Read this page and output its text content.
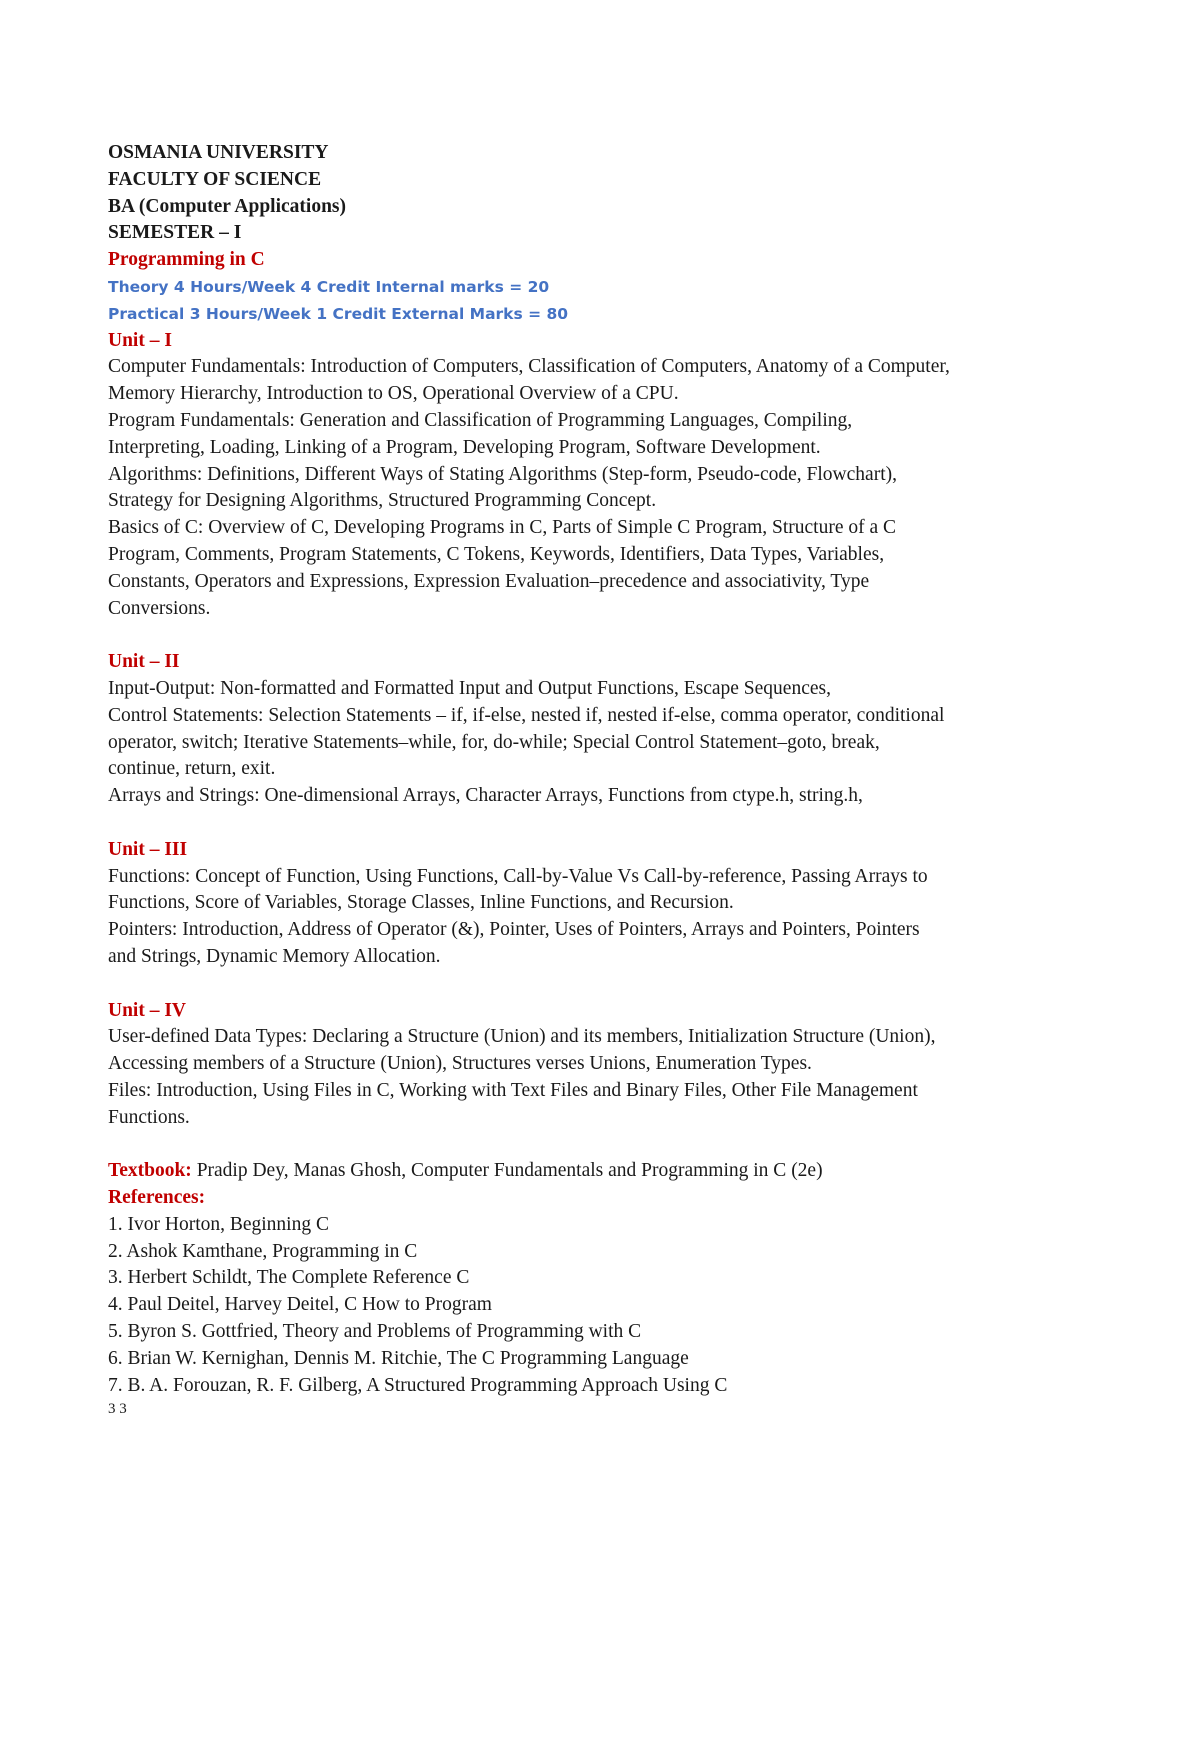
OSMANIA UNIVERSITY
FACULTY OF SCIENCE
BA (Computer Applications)
SEMESTER – I
Programming in C
Theory 4 Hours/Week 4 Credit Internal marks = 20
Practical 3 Hours/Week 1 Credit External Marks = 80
Unit – I
Computer Fundamentals: Introduction of Computers, Classification of Computers, Anatomy of a Computer,
Memory Hierarchy, Introduction to OS, Operational Overview of a CPU.
Program Fundamentals: Generation and Classification of Programming Languages, Compiling,
Interpreting, Loading, Linking of a Program, Developing Program, Software Development.
Algorithms: Definitions, Different Ways of Stating Algorithms (Step-form, Pseudo-code, Flowchart),
Strategy for Designing Algorithms, Structured Programming Concept.
Basics of C: Overview of C, Developing Programs in C, Parts of Simple C Program, Structure of a C
Program, Comments, Program Statements, C Tokens, Keywords, Identifiers, Data Types, Variables,
Constants, Operators and Expressions, Expression Evaluation–precedence and associativity, Type
Conversions.
Unit – II
Input-Output: Non-formatted and Formatted Input and Output Functions, Escape Sequences,
Control Statements: Selection Statements – if, if-else, nested if, nested if-else, comma operator, conditional
operator, switch; Iterative Statements–while, for, do-while; Special Control Statement–goto, break,
continue, return, exit.
Arrays and Strings: One-dimensional Arrays, Character Arrays, Functions from ctype.h, string.h,
Unit – III
Functions: Concept of Function, Using Functions, Call-by-Value Vs Call-by-reference, Passing Arrays to
Functions, Score of Variables, Storage Classes, Inline Functions, and Recursion.
Pointers: Introduction, Address of Operator (&), Pointer, Uses of Pointers, Arrays and Pointers, Pointers
and Strings, Dynamic Memory Allocation.
Unit – IV
User-defined Data Types: Declaring a Structure (Union) and its members, Initialization Structure (Union),
Accessing members of a Structure (Union), Structures verses Unions, Enumeration Types.
Files: Introduction, Using Files in C, Working with Text Files and Binary Files, Other File Management
Functions.
Textbook: Pradip Dey, Manas Ghosh, Computer Fundamentals and Programming in C (2e)
References:
1. Ivor Horton, Beginning C
2. Ashok Kamthane, Programming in C
3. Herbert Schildt, The Complete Reference C
4. Paul Deitel, Harvey Deitel, C How to Program
5. Byron S. Gottfried, Theory and Problems of Programming with C
6. Brian W. Kernighan, Dennis M. Ritchie, The C Programming Language
7. B. A. Forouzan, R. F. Gilberg, A Structured Programming Approach Using C
3 3
